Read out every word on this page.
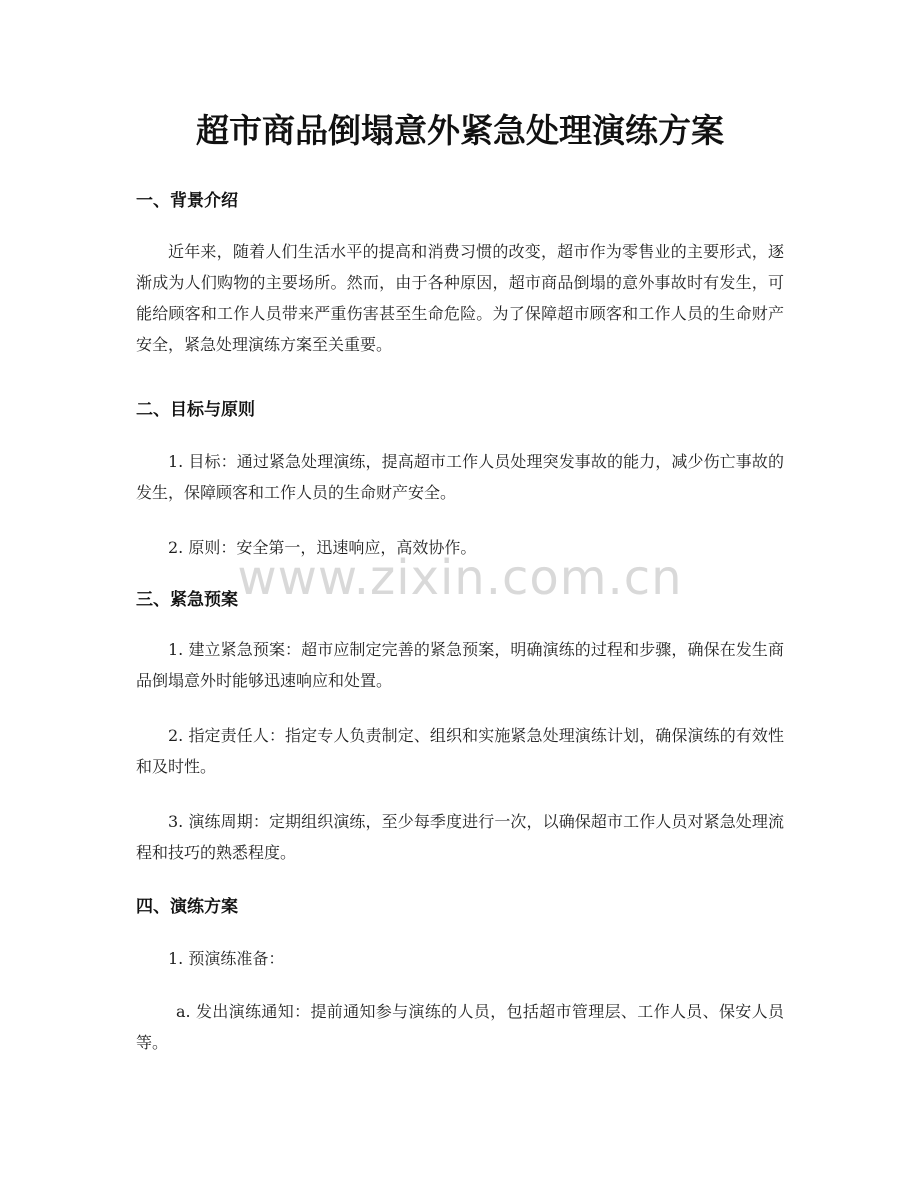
超市商品倒塌意外紧急处理演练方案
一、背景介绍

近年来，随着人们生活水平的提高和消费习惯的改变，超市作为零售业的主要形式，逐渐成为人们购物的主要场所。然而，由于各种原因，超市商品倒塌的意外事故时有发生，可能给顾客和工作人员带来严重伤害甚至生命危险。为了保障超市顾客和工作人员的生命财产安全，紧急处理演练方案至关重要。

二、目标与原则

1. 目标：通过紧急处理演练，提高超市工作人员处理突发事故的能力，减少伤亡事故的发生，保障顾客和工作人员的生命财产安全。

2. 原则：安全第一，迅速响应，高效协作。

三、紧急预案

1. 建立紧急预案：超市应制定完善的紧急预案，明确演练的过程和步骤，确保在发生商品倒塌意外时能够迅速响应和处置。

2. 指定责任人：指定专人负责制定、组织和实施紧急处理演练计划，确保演练的有效性和及时性。

3. 演练周期：定期组织演练，至少每季度进行一次，以确保超市工作人员对紧急处理流程和技巧的熟悉程度。

四、演练方案

1. 预演练准备：

a. 发出演练通知：提前通知参与演练的人员，包括超市管理层、工作人员、保安人员等。

www.zixin.com.cn
